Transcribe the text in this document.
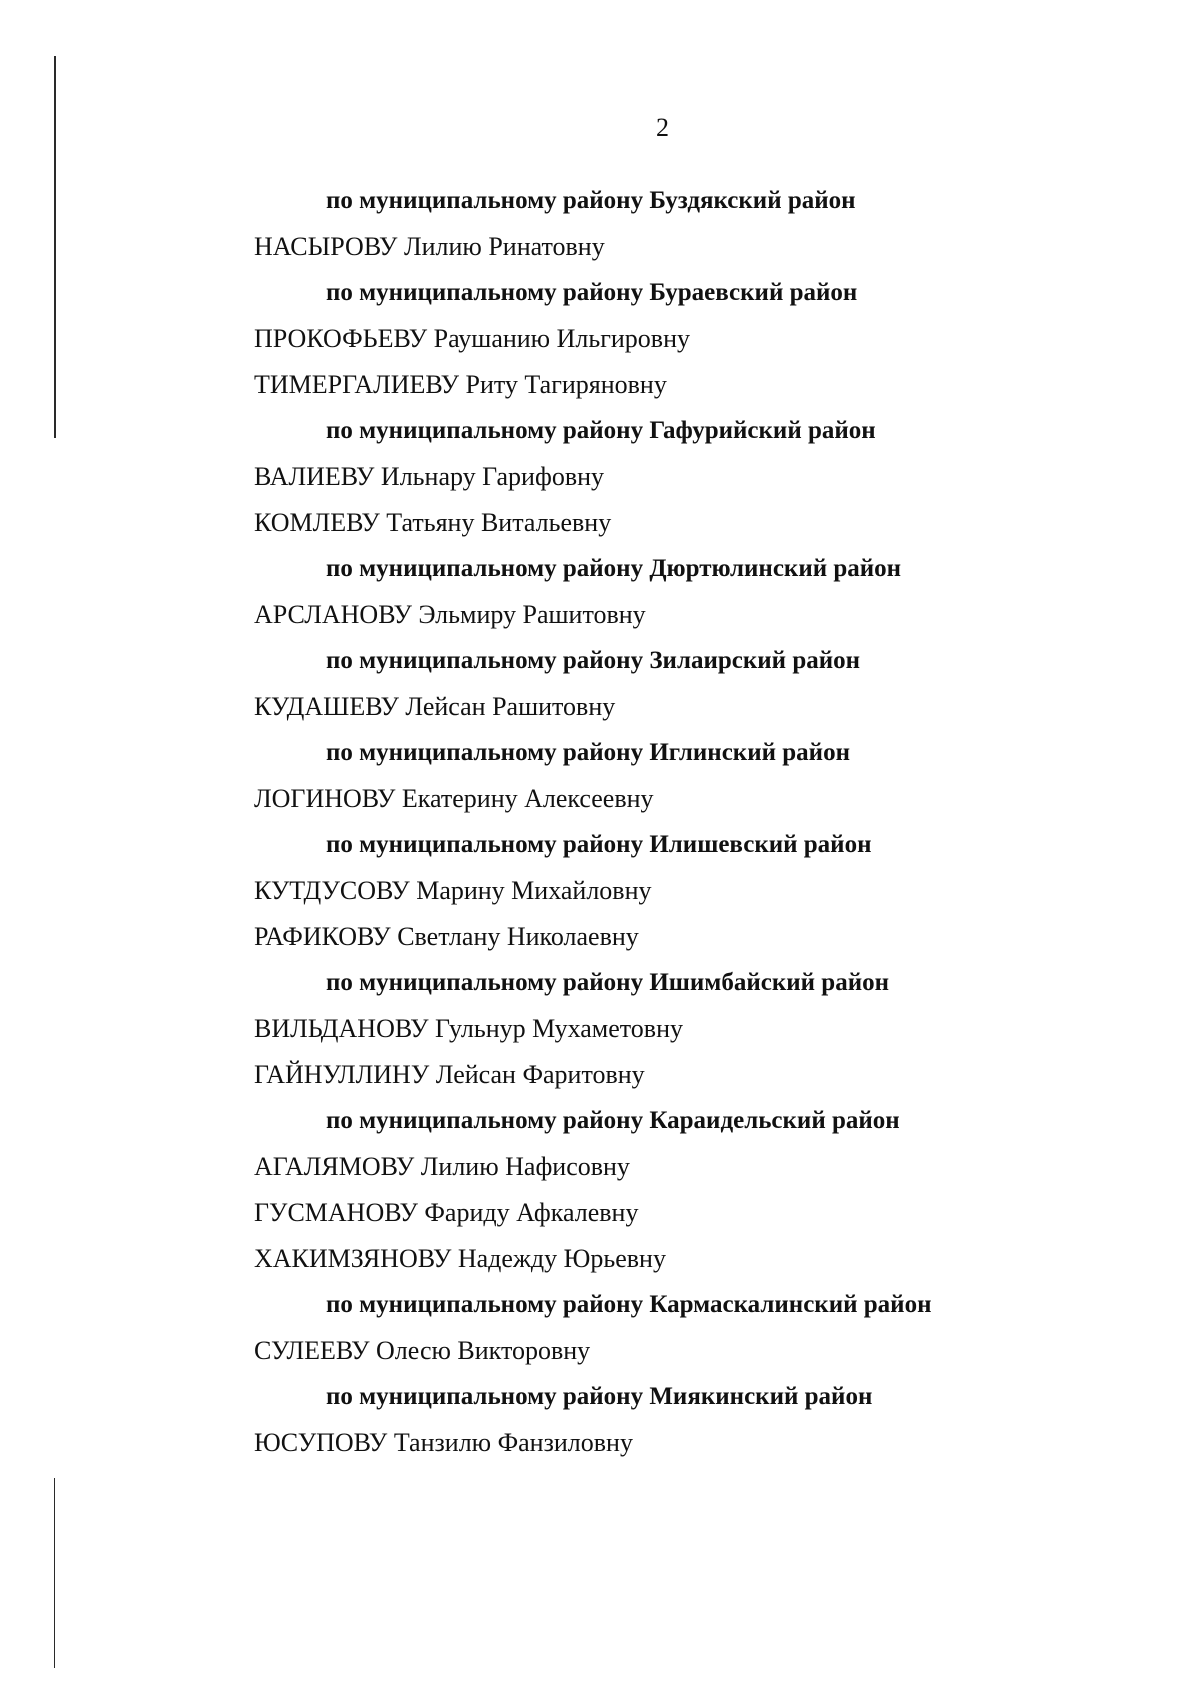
2
по муниципальному району Буздякский район
НАСЫРОВУ Лилию Ринатовну
по муниципальному району Бураевский район
ПРОКОФЬЕВУ Раушанию Ильгировну
ТИМЕРГАЛИЕВУ Риту Тагиряновну
по муниципальному району Гафурийский район
ВАЛИЕВУ Ильнару Гарифовну
КОМЛЕВУ Татьяну Витальевну
по муниципальному району Дюртюлинский район
АРСЛАНОВУ Эльмиру Рашитовну
по муниципальному району Зилаирский район
КУДАШЕВУ Лейсан Рашитовну
по муниципальному району Иглинский район
ЛОГИНОВУ Екатерину Алексеевну
по муниципальному району Илишевский район
КУТДУСОВУ Марину Михайловну
РАФИКОВУ Светлану Николаевну
по муниципальному району Ишимбайский район
ВИЛЬДАНОВУ Гульнур Мухаметовну
ГАЙНУЛЛИНУ Лейсан Фаритовну
по муниципальному району Караидельский район
АГАЛЯМОВУ Лилию Нафисовну
ГУСМАНОВУ Фариду Афкалевну
ХАКИМЗЯНОВУ Надежду Юрьевну
по муниципальному району Кармаскалинский район
СУЛЕЕВУ Олесю Викторовну
по муниципальному району Миякинский район
ЮСУПОВУ Танзилю Фанзиловну
